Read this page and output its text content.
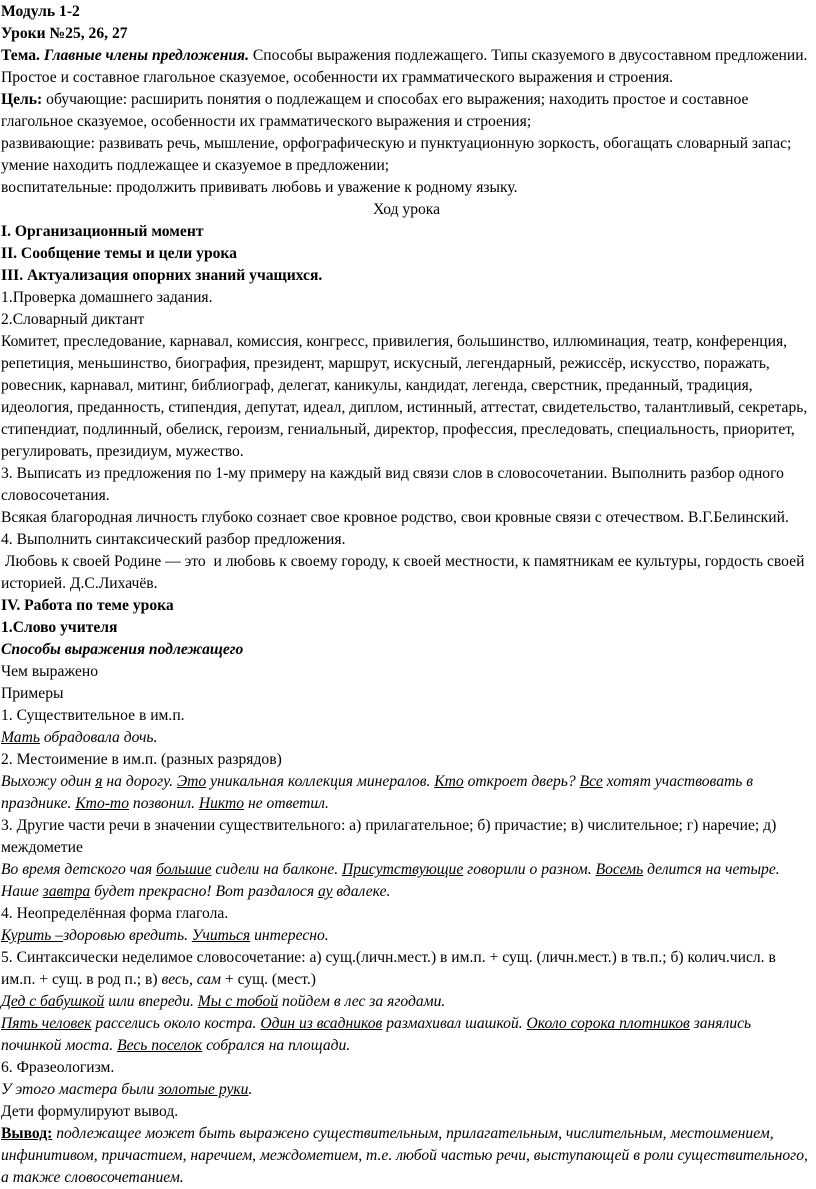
Модуль 1-2

Уроки №25, 26, 27

Тема. Главные члены предложения. Способы выражения подлежащего. Типы сказуемого в двусоставном предложении. Простое и составное глагольное сказуемое, особенности их грамматического выражения и строения.

Цель: обучающие: расширить понятия о подлежащем и способах его выражения; находить простое и составное глагольное сказуемое, особенности их грамматического выражения и строения;

развивающие: развивать речь, мышление, орфографическую и пунктуационную зоркость, обогащать словарный запас; умение находить подлежащее и сказуемое в предложении;

воспитательные: продолжить прививать любовь и уважение к родному языку.

Ход урока

I. Организационный момент

II. Сообщение темы и цели урока

III. Актуализация опорних знаний учащихся.

1.Проверка домашнего задания.

2.Словарный диктант

Комитет, преследование, карнавал, комиссия, конгресс, привилегия, большинство, иллюминация, театр, конференция, репетиция, меньшинство, биография, президент, маршрут, искусный, легендарный, режиссёр, искусство, поражать, ровесник, карнавал, митинг, библиограф, делегат, каникулы, кандидат, легенда, сверстник, преданный, традиция, идеология, преданность, стипендия, депутат, идеал, диплом, истинный, аттестат, свидетельство, талантливый, секретарь, стипендиат, подлинный, обелиск, героизм, гениальный, директор, профессия, преследовать, специальность, приоритет, регулировать, президиум, мужество.

3. Выписать из предложения по 1-му примеру на каждый вид связи слов в словосочетании. Выполнить разбор одного словосочетания.

Всякая благородная личность глубоко сознает свое кровное родство, свои кровные связи с отечеством. В.Г.Белинский.

4. Выполнить синтаксический разбор предложения.

Любовь к своей Родине — это  и любовь к своему городу, к своей местности, к памятникам ее культуры, гордость своей историей. Д.С.Лихачёв.

IV. Работа по теме урока

1.Слово учителя

Способы выражения подлежащего

Чем выражено

Примеры

1. Существительное в им.п.

Мать обрадовала дочь.

2. Местоимение в им.п. (разных разрядов)

Выхожу один я на дорогу. Это уникальная коллекция минералов. Кто откроет дверь? Все хотят участвовать в празднике. Кто-то позвонил. Никто не ответил.

3. Другие части речи в значении существительного: а) прилагательное; б) причастие; в) числительное; г) наречие; д) междометие

Во время детского чая большие сидели на балконе. Присутствующие говорили о разном. Восемь делится на четыре. Наше завтра будет прекрасно! Вот раздалося ау вдалеке.

4. Неопределённая форма глагола.

Курить –здоровью вредить. Учиться интересно.

5. Синтаксически неделимое словосочетание: а) сущ.(личн.мест.) в им.п. + сущ. (личн.мест.) в тв.п.; б) колич.числ. в им.п. + сущ. в род п.; в) весь, сам + сущ. (мест.)

Дед с бабушкой шли впереди. Мы с тобой пойдем в лес за ягодами.

Пять человек расселись около костра. Один из всадников размахивал шашкой. Около сорока плотников занялись починкой моста. Весь поселок собрался на площади.

6. Фразеологизм.

У этого мастера были золотые руки.

Дети формулируют вывод.

Вывод: подлежащее может быть выражено существительным, прилагательным, числительным, местоимением, инфинитивом, причастием, наречием, междометием, т.е. любой частью речи, выступающей в роли существительного, а также словосочетанием.
